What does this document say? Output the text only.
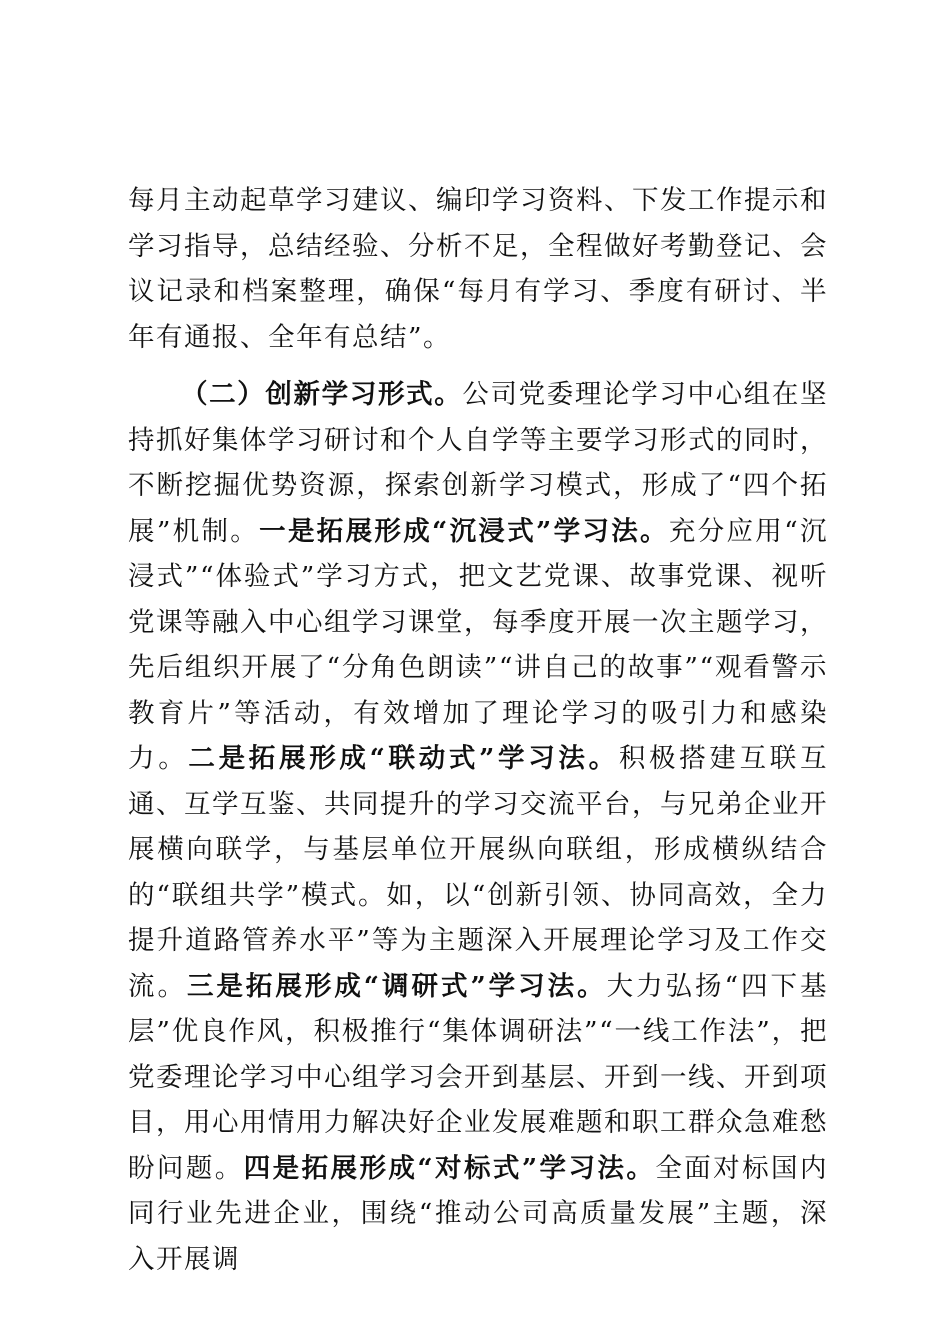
每月主动起草学习建议、编印学习资料、下发工作提示和学习指导，总结经验、分析不足，全程做好考勤登记、会议记录和档案整理，确保“每月有学习、季度有研讨、半年有通报、全年有总结”。

（二）创新学习形式。公司党委理论学习中心组在坚持抓好集体学习研讨和个人自学等主要学习形式的同时，不断挖掘优势资源，探索创新学习模式，形成了“四个拓展”机制。一是拓展形成“沉浸式”学习法。充分应用“沉浸式”“体验式”学习方式，把文艺党课、故事党课、视听党课等融入中心组学习课堂，每季度开展一次主题学习，先后组织开展了“分角色朗读”“讲自己的故事”“观看警示教育片”等活动，有效增加了理论学习的吸引力和感染力。二是拓展形成“联动式”学习法。积极搭建互联互通、互学互鉴、共同提升的学习交流平台，与兄弟企业开展横向联学，与基层单位开展纵向联组，形成横纵结合的“联组共学”模式。如，以“创新引领、协同高效，全力提升道路管养水平”等为主题深入开展理论学习及工作交流。三是拓展形成“调研式”学习法。大力弘扬“四下基层”优良作风，积极推行“集体调研法”“一线工作法”，把党委理论学习中心组学习会开到基层、开到一线、开到项目，用心用情用力解决好企业发展难题和职工群众急难愁盼问题。四是拓展形成“对标式”学习法。全面对标国内同行业先进企业，围绕“推动公司高质量发展”主题，深入开展调
